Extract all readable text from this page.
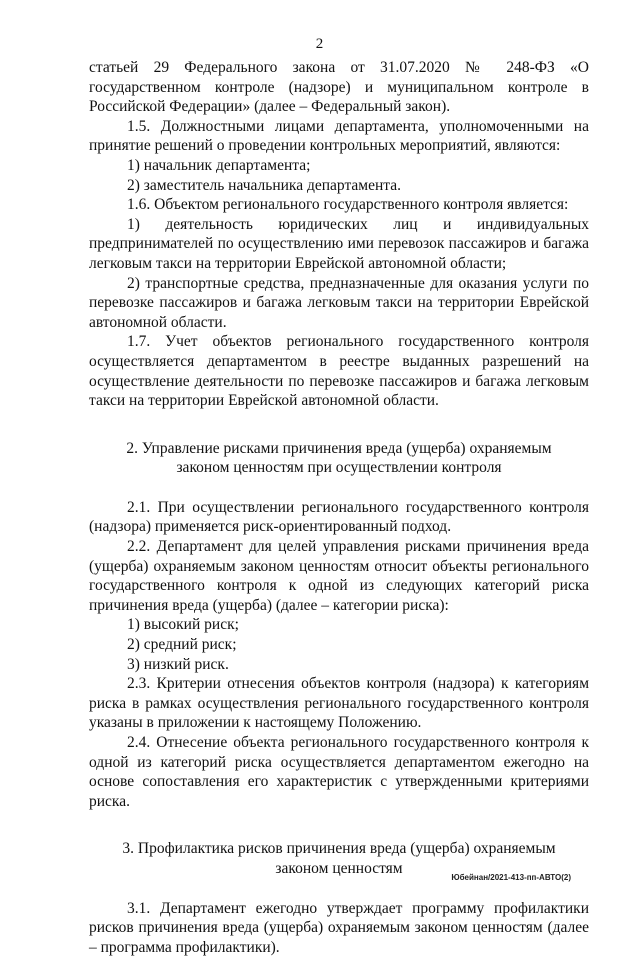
2

статьей 29 Федерального закона от 31.07.2020 № 248-ФЗ «О государственном контроле (надзоре) и муниципальном контроле в Российской Федерации» (далее – Федеральный закон).

1.5. Должностными лицами департамента, уполномоченными на принятие решений о проведении контрольных мероприятий, являются:

1) начальник департамента;

2) заместитель начальника департамента.

1.6. Объектом регионального государственного контроля является:

1) деятельность юридических лиц и индивидуальных предпринимателей по осуществлению ими перевозок пассажиров и багажа легковым такси на территории Еврейской автономной области;

2) транспортные средства, предназначенные для оказания услуги по перевозке пассажиров и багажа легковым такси на территории Еврейской автономной области.

1.7. Учет объектов регионального государственного контроля осуществляется департаментом в реестре выданных разрешений на осуществление деятельности по перевозке пассажиров и багажа легковым такси на территории Еврейской автономной области.

2. Управление рисками причинения вреда (ущерба) охраняемым законом ценностям при осуществлении контроля

2.1. При осуществлении регионального государственного контроля (надзора) применяется риск-ориентированный подход.

2.2. Департамент для целей управления рисками причинения вреда (ущерба) охраняемым законом ценностям относит объекты регионального государственного контроля к одной из следующих категорий риска причинения вреда (ущерба) (далее – категории риска):

1) высокий риск;

2) средний риск;

3) низкий риск.

2.3. Критерии отнесения объектов контроля (надзора) к категориям риска в рамках осуществления регионального государственного контроля указаны в приложении к настоящему Положению.

2.4. Отнесение объекта регионального государственного контроля к одной из категорий риска осуществляется департаментом ежегодно на основе сопоставления его характеристик с утвержденными критериями риска.

3. Профилактика рисков причинения вреда (ущерба) охраняемым законом ценностям

3.1. Департамент ежегодно утверждает программу профилактики рисков причинения вреда (ущерба) охраняемым законом ценностям (далее – программа профилактики).

Юбейнан/2021-413-пп-АВТО(2)
